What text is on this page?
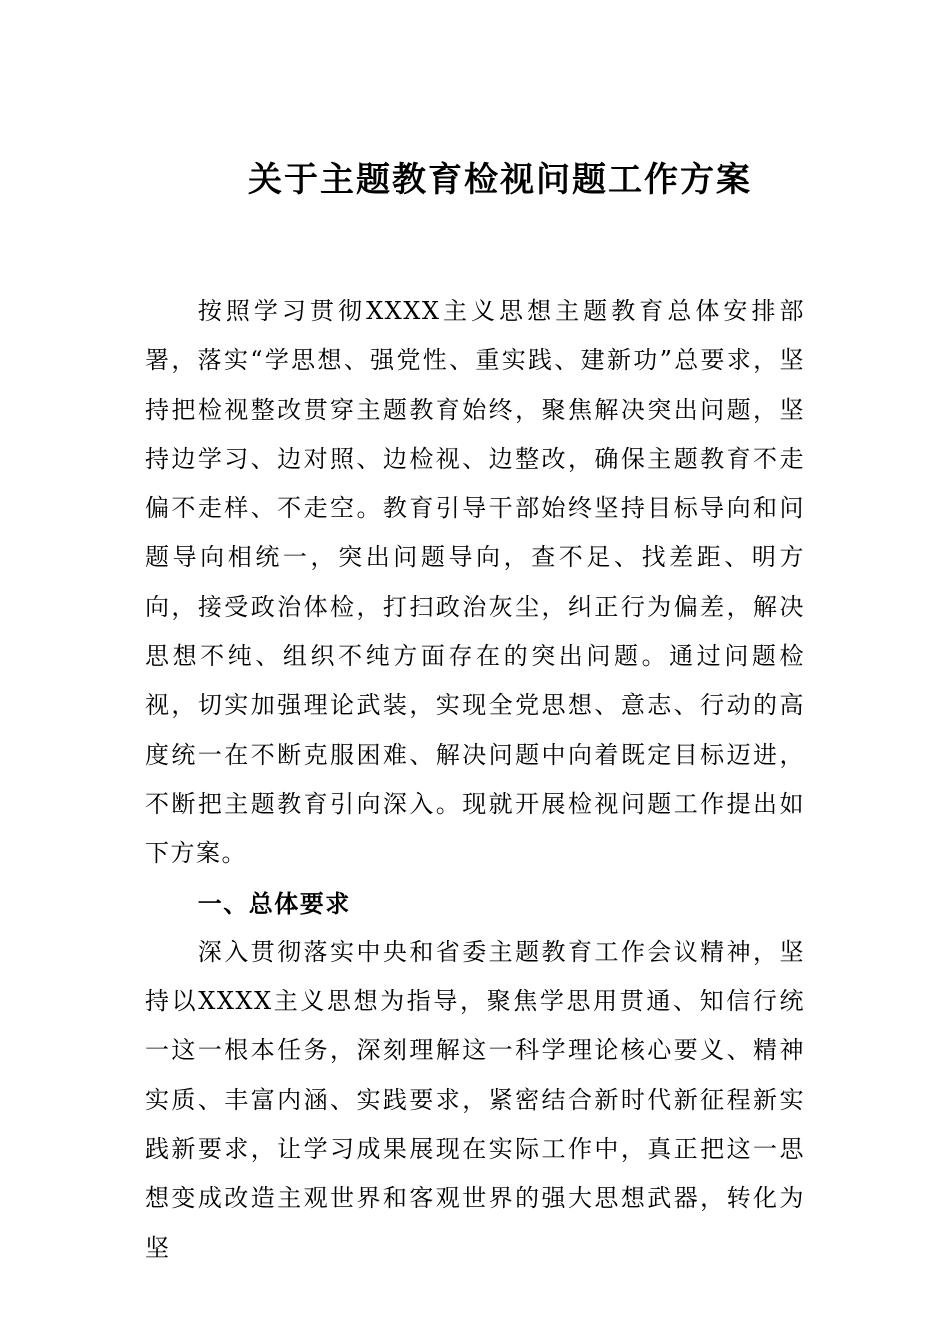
关于主题教育检视问题工作方案

按照学习贯彻XXXX主义思想主题教育总体安排部署，落实“学思想、强党性、重实践、建新功”总要求，坚持把检视整改贯穿主题教育始终，聚焦解决突出问题，坚持边学习、边对照、边检视、边整改，确保主题教育不走偏不走样、不走空。教育引导干部始终坚持目标导向和问题导向相统一，突出问题导向，查不足、找差距、明方向，接受政治体检，打扫政治灰尘，纠正行为偏差，解决思想不纯、组织不纯方面存在的突出问题。通过问题检视，切实加强理论武装，实现全党思想、意志、行动的高度统一在不断克服困难、解决问题中向着既定目标迈进，不断把主题教育引向深入。现就开展检视问题工作提出如下方案。

一、总体要求

深入贯彻落实中央和省委主题教育工作会议精神，坚持以XXXX主义思想为指导，聚焦学思用贯通、知信行统一这一根本任务，深刻理解这一科学理论核心要义、精神实质、丰富内涵、实践要求，紧密结合新时代新征程新实践新要求，让学习成果展现在实际工作中，真正把这一思想变成改造主观世界和客观世界的强大思想武器，转化为坚
